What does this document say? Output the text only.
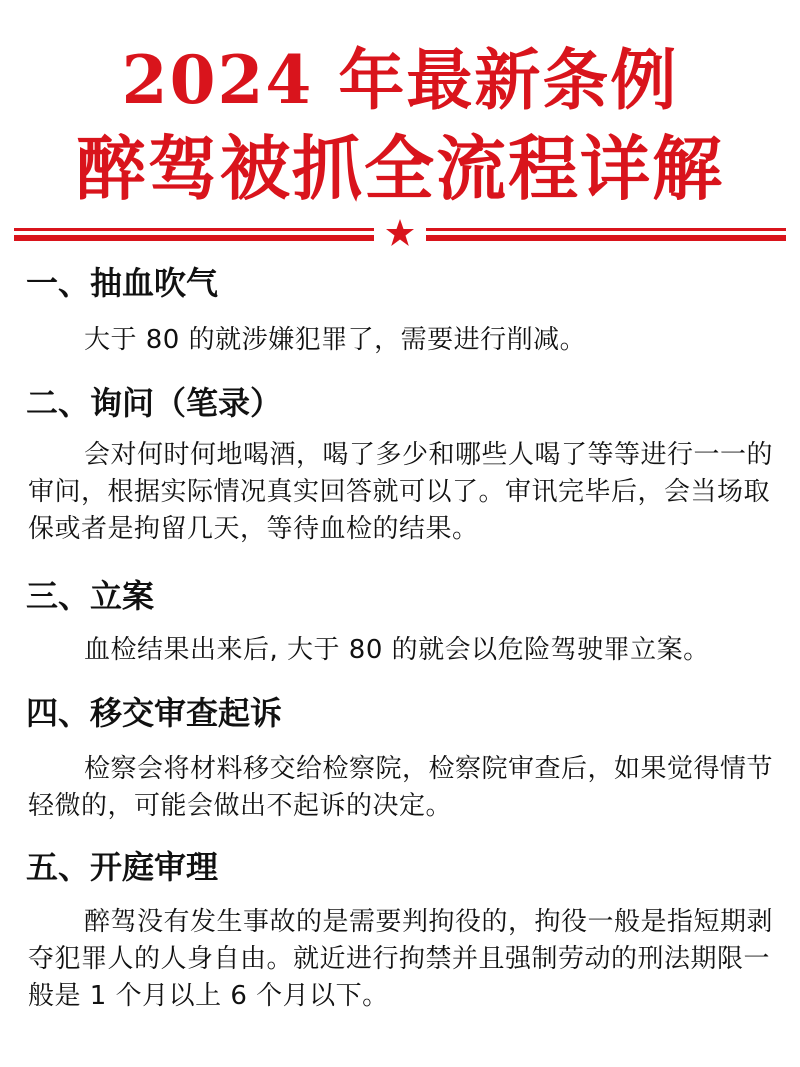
2024 年最新条例
醉驾被抓全流程详解
一、抽血吹气

大于 80 的就涉嫌犯罪了，需要进行削减。

二、询问（笔录）

会对何时何地喝酒，喝了多少和哪些人喝了等等进行一一的审问，根据实际情况真实回答就可以了。审讯完毕后，会当场取保或者是拘留几天，等待血检的结果。

三、立案

血检结果出来后, 大于 80 的就会以危险驾驶罪立案。

四、移交审查起诉

检察会将材料移交给检察院，检察院审查后，如果觉得情节轻微的，可能会做出不起诉的决定。

五、开庭审理

醉驾没有发生事故的是需要判拘役的，拘役一般是指短期剥夺犯罪人的人身自由。就近进行拘禁并且强制劳动的刑法期限一般是 1 个月以上 6 个月以下。
